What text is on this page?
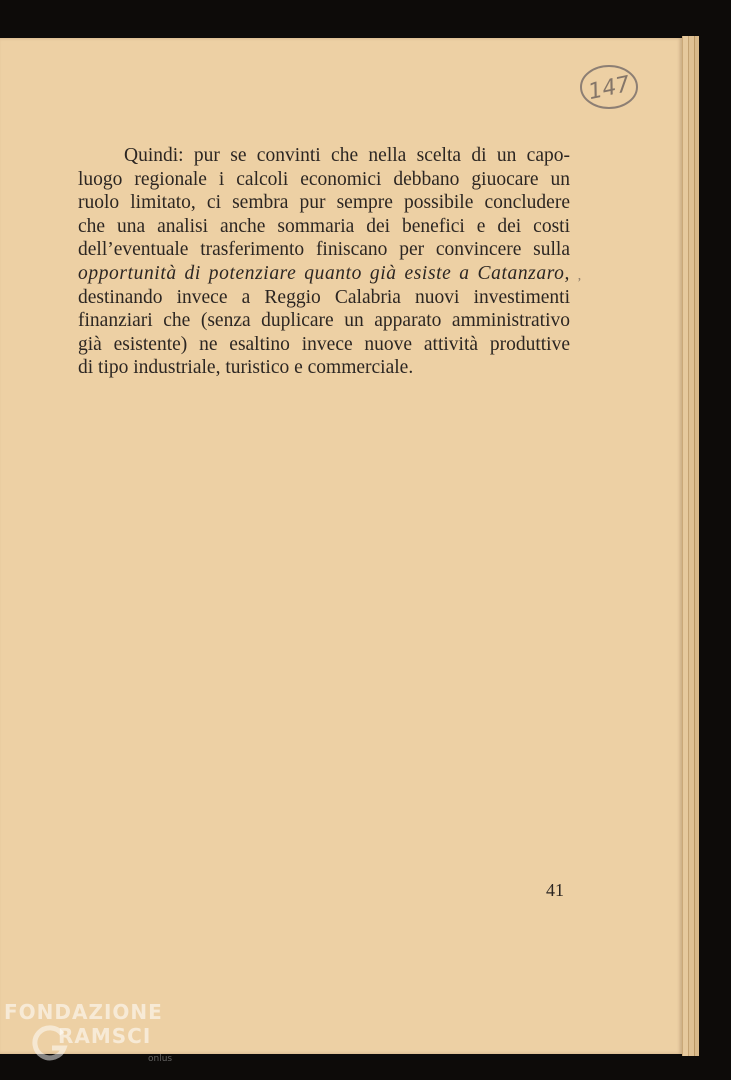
147
Quindi: pur se convinti che nella scelta di un capo-
luogo regionale i calcoli economici debbano giuocare un
ruolo limitato, ci sembra pur sempre possibile concludere
che una analisi anche sommaria dei benefici e dei costi
dell’eventuale trasferimento finiscano per convincere sulla
opportunità di potenziare quanto già esiste a Catanzaro,
destinando invece a Reggio Calabria nuovi investimenti
finanziari che (senza duplicare un apparato amministrativo
già esistente) ne esaltino invece nuove attività produttive
di tipo industriale, turistico e commerciale.
ʼ
41
FONDAZIONE
RAMSCI
onlus
